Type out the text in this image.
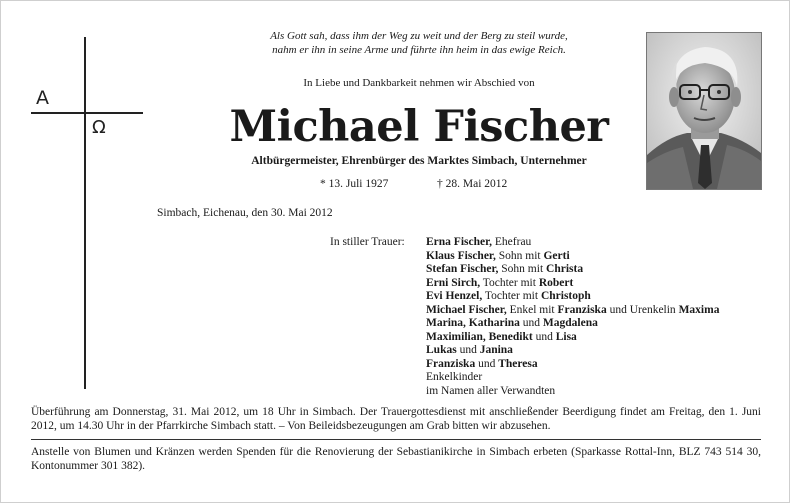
A
Ω
Als Gott sah, dass ihm der Weg zu weit und der Berg zu steil wurde,
nahm er ihn in seine Arme und führte ihn heim in das ewige Reich.
In Liebe und Dankbarkeit nehmen wir Abschied von
Michael Fischer
Altbürgermeister, Ehrenbürger des Marktes Simbach, Unternehmer
* 13. Juli 1927	† 28. Mai 2012
Simbach, Eichenau, den 30. Mai 2012
In stiller Trauer: Erna Fischer, Ehefrau
Klaus Fischer, Sohn mit Gerti
Stefan Fischer, Sohn mit Christa
Erni Sirch, Tochter mit Robert
Evi Henzel, Tochter mit Christoph
Michael Fischer, Enkel mit Franziska und Urenkelin Maxima
Marina, Katharina und Magdalena
Maximilian, Benedikt und Lisa
Lukas und Janina
Franziska und Theresa
Enkelkinder
im Namen aller Verwandten
Überführung am Donnerstag, 31. Mai 2012, um 18 Uhr in Simbach. Der Trauergottesdienst mit anschließender Beerdigung findet am Freitag, den 1. Juni 2012, um 14.30 Uhr in der Pfarrkirche Simbach statt. – Von Beileidsbezeugungen am Grab bitten wir abzusehen.
Anstelle von Blumen und Kränzen werden Spenden für die Renovierung der Sebastianikirche in Simbach erbeten (Sparkasse Rottal-Inn, BLZ 743 514 30, Kontonummer 301 382).
